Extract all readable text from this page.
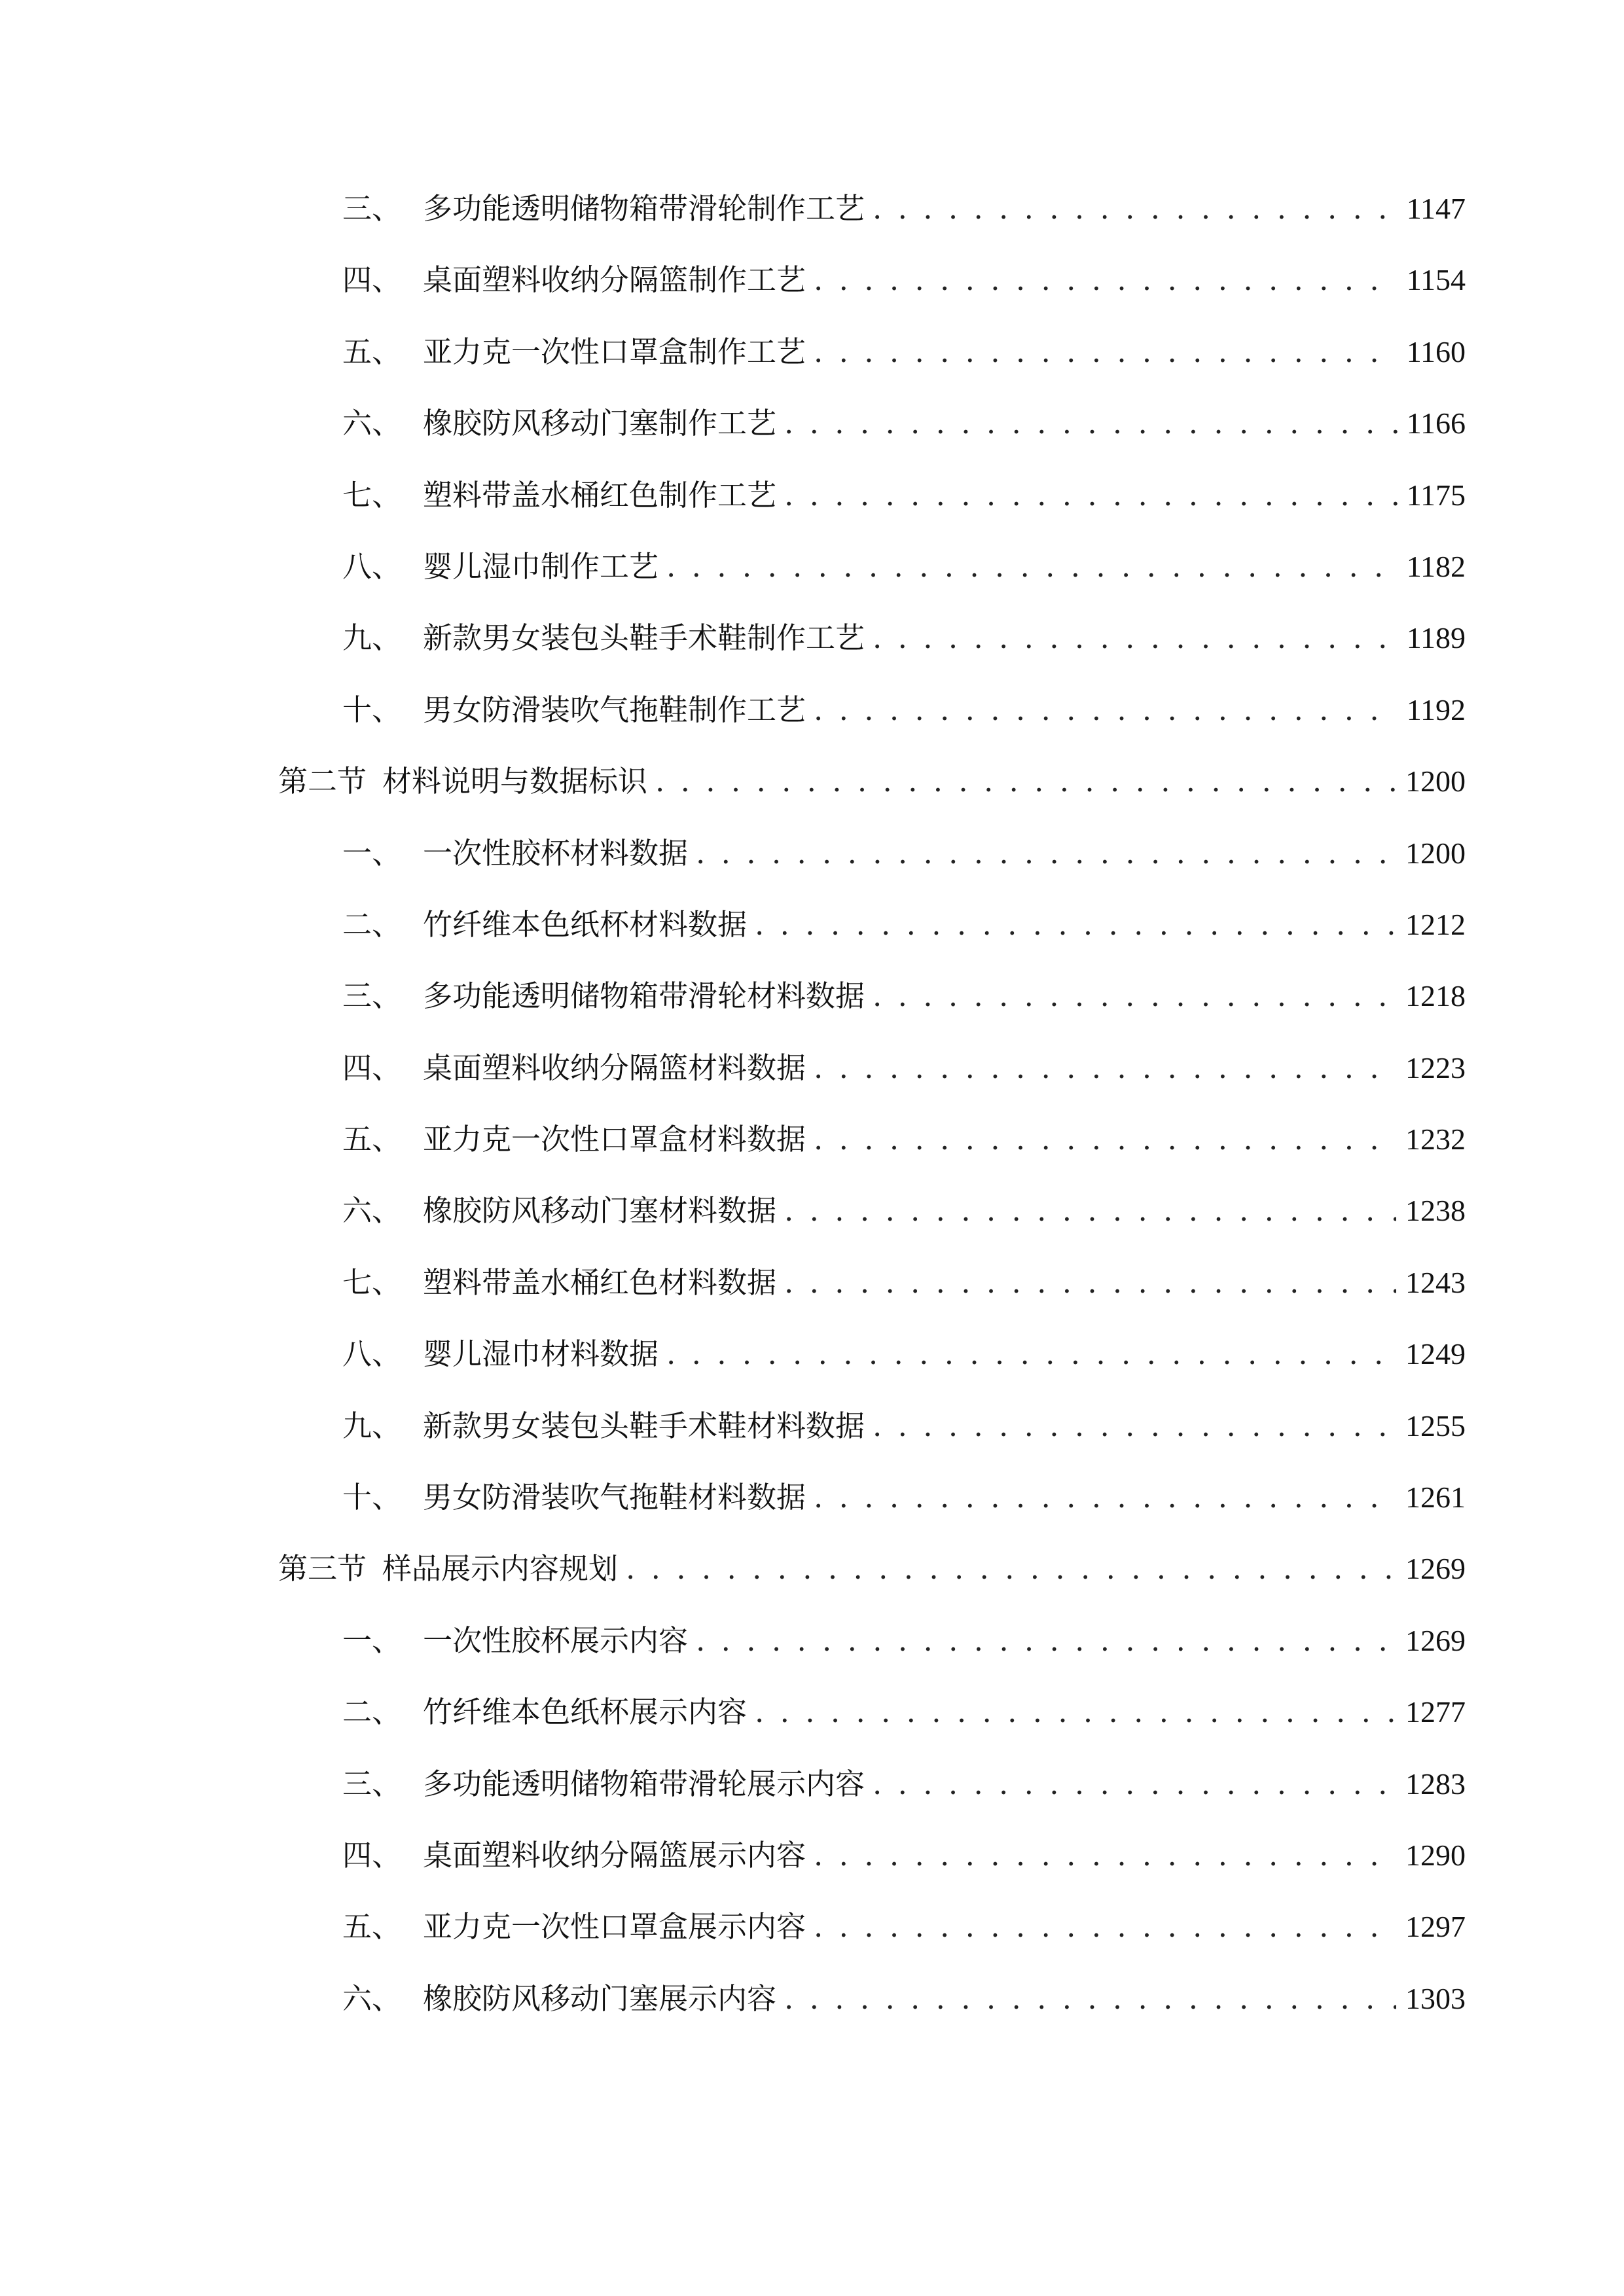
三、 多功能透明储物箱带滑轮制作工艺 . . .	1147
四、 桌面塑料收纳分隔篮制作工艺 . . .	1154
五、 亚力克一次性口罩盒制作工艺 . . .	1160
六、 橡胶防风移动门塞制作工艺 . . .	1166
七、 塑料带盖水桶红色制作工艺 . . .	1175
八、 婴儿湿巾制作工艺 . . .	1182
九、 新款男女装包头鞋手术鞋制作工艺 . . .	1189
十、 男女防滑装吹气拖鞋制作工艺 . . .	1192
第二节 材料说明与数据标识 . . .	1200
一、 一次性胶杯材料数据 . . .	1200
二、 竹纤维本色纸杯材料数据 . . .	1212
三、 多功能透明储物箱带滑轮材料数据 . . .	1218
四、 桌面塑料收纳分隔篮材料数据 . . .	1223
五、 亚力克一次性口罩盒材料数据 . . .	1232
六、 橡胶防风移动门塞材料数据 . . .	1238
七、 塑料带盖水桶红色材料数据 . . .	1243
八、 婴儿湿巾材料数据 . . .	1249
九、 新款男女装包头鞋手术鞋材料数据 . . .	1255
十、 男女防滑装吹气拖鞋材料数据 . . .	1261
第三节 样品展示内容规划 . . .	1269
一、 一次性胶杯展示内容 . . .	1269
二、 竹纤维本色纸杯展示内容 . . .	1277
三、 多功能透明储物箱带滑轮展示内容 . . .	1283
四、 桌面塑料收纳分隔篮展示内容 . . .	1290
五、 亚力克一次性口罩盒展示内容 . . .	1297
六、 橡胶防风移动门塞展示内容 . . .	1303
